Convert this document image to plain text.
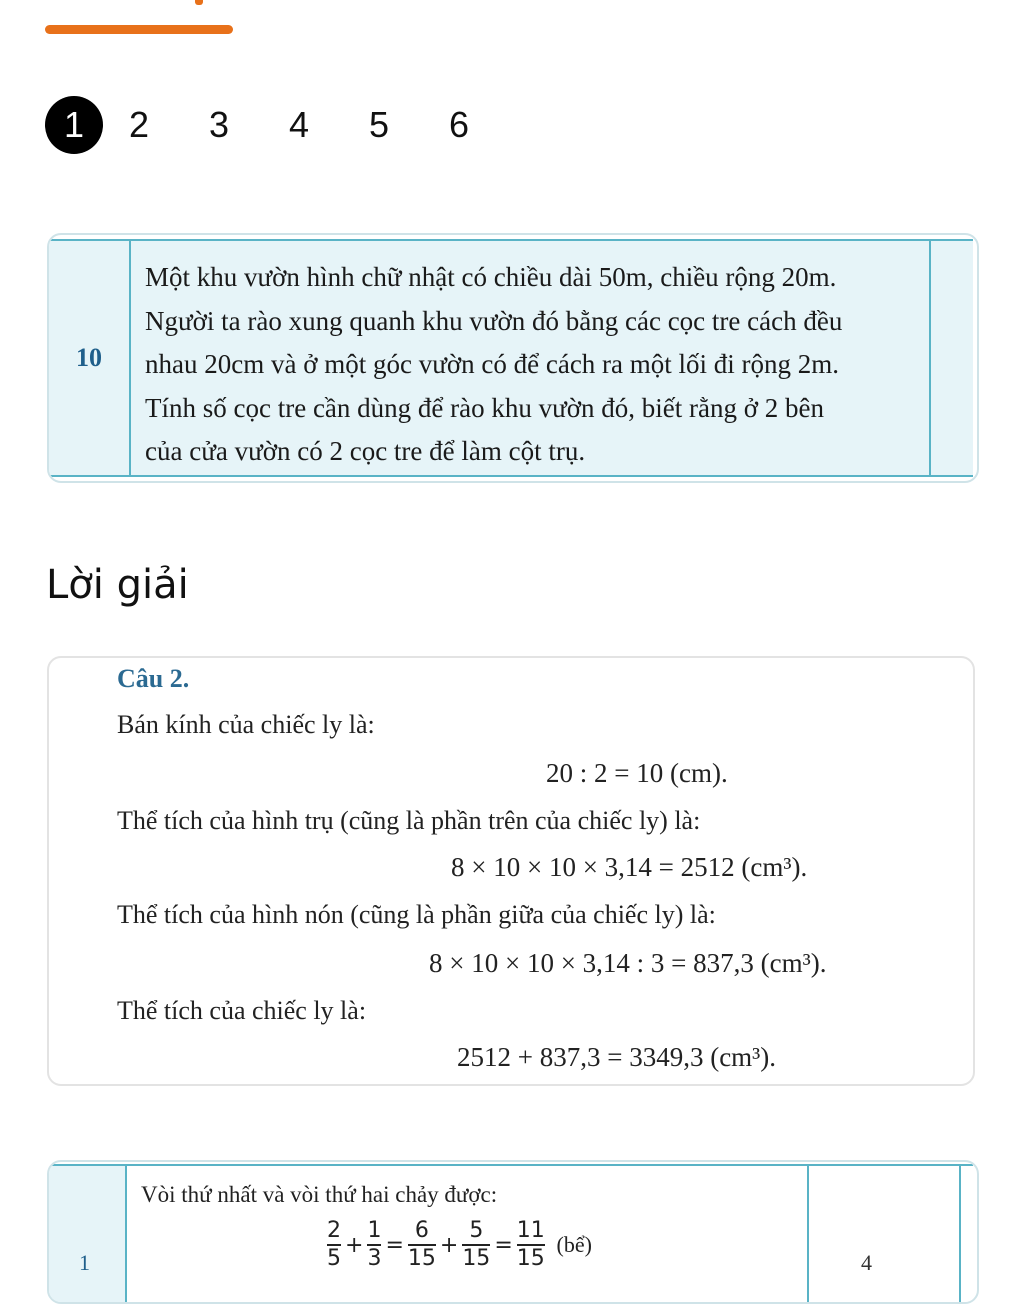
1	2	3	4	5	6
10
Một khu vườn hình chữ nhật có chiều dài 50m, chiều rộng 20m.
Người ta rào xung quanh khu vườn đó bằng các cọc tre cách đều
nhau 20cm và ở một góc vườn có để cách ra một lối đi rộng 2m.
Tính số cọc tre cần dùng để rào khu vườn đó, biết rằng ở 2 bên
của cửa vườn có 2 cọc tre để làm cột trụ.
Lời giải
Câu 2.
Bán kính của chiếc ly là:
20 : 2 = 10 (cm).
Thể tích của hình trụ (cũng là phần trên của chiếc ly) là:
8 × 10 × 10 × 3,14 = 2512 (cm³).
Thể tích của hình nón (cũng là phần giữa của chiếc ly) là:
8 × 10 × 10 × 3,14 : 3 = 837,3 (cm³).
Thể tích của chiếc ly là:
2512 + 837,3 = 3349,3 (cm³).
1
Vòi thứ nhất và vòi thứ hai chảy được:
$\frac{2}{5} + \frac{1}{3} = \frac{6}{15} + \frac{5}{15} = \frac{11}{15}$ (bể)
4
